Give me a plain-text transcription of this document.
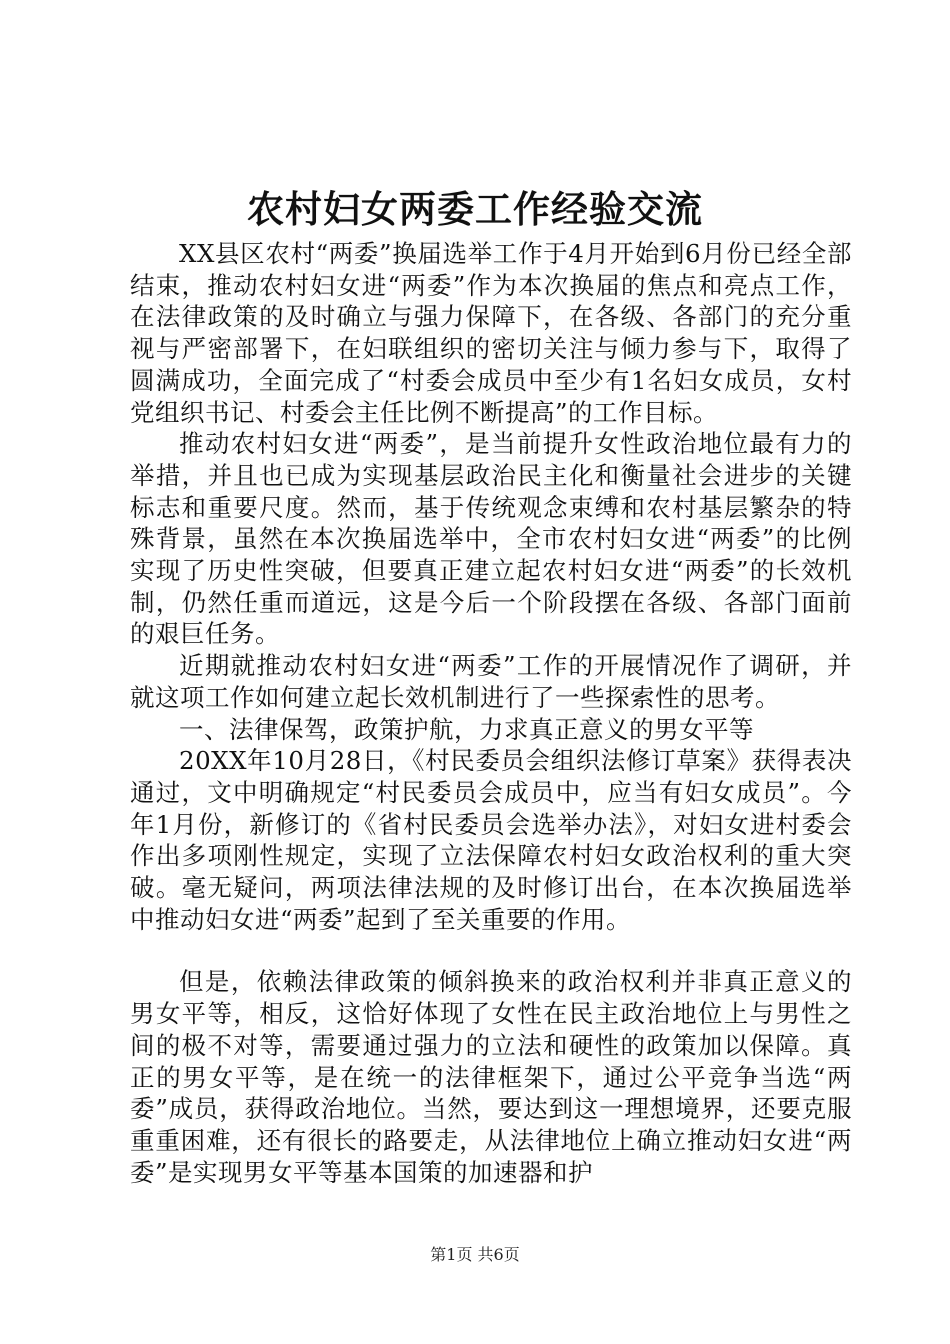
农村妇女两委工作经验交流

XX县区农村“两委”换届选举工作于4月开始到6月份已经全部结束，推动农村妇女进“两委”作为本次换届的焦点和亮点工作，在法律政策的及时确立与强力保障下，在各级、各部门的充分重视与严密部署下，在妇联组织的密切关注与倾力参与下，取得了圆满成功，全面完成了“村委会成员中至少有1名妇女成员，女村党组织书记、村委会主任比例不断提高”的工作目标。

推动农村妇女进“两委”，是当前提升女性政治地位最有力的举措，并且也已成为实现基层政治民主化和衡量社会进步的关键标志和重要尺度。然而，基于传统观念束缚和农村基层繁杂的特殊背景，虽然在本次换届选举中，全市农村妇女进“两委”的比例实现了历史性突破，但要真正建立起农村妇女进“两委”的长效机制，仍然任重而道远，这是今后一个阶段摆在各级、各部门面前的艰巨任务。

近期就推动农村妇女进“两委”工作的开展情况作了调研，并就这项工作如何建立起长效机制进行了一些探索性的思考。

一、法律保驾，政策护航，力求真正意义的男女平等

20XX年10月28日，《村民委员会组织法修订草案》获得表决通过，文中明确规定“村民委员会成员中，应当有妇女成员”。今年1月份，新修订的《省村民委员会选举办法》，对妇女进村委会作出多项刚性规定，实现了立法保障农村妇女政治权利的重大突破。毫无疑问，两项法律法规的及时修订出台，在本次换届选举中推动妇女进“两委”起到了至关重要的作用。

但是，依赖法律政策的倾斜换来的政治权利并非真正意义的男女平等，相反，这恰好体现了女性在民主政治地位上与男性之间的极不对等，需要通过强力的立法和硬性的政策加以保障。真正的男女平等，是在统一的法律框架下，通过公平竞争当选“两委”成员，获得政治地位。当然，要达到这一理想境界，还要克服重重困难，还有很长的路要走，从法律地位上确立推动妇女进“两委”是实现男女平等基本国策的加速器和护

第1页 共6页
